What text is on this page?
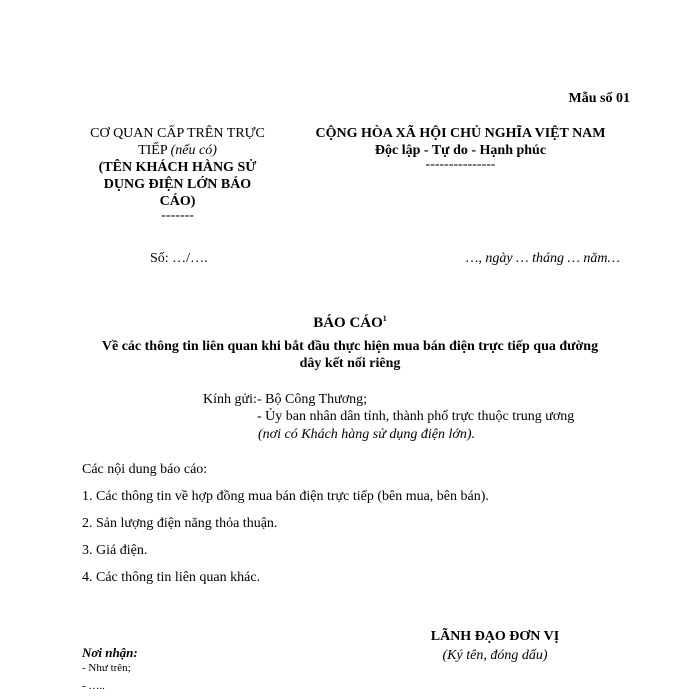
Mẫu số 01
CƠ QUAN CẤP TRÊN TRỰC
TIẾP (nếu có)
(TÊN KHÁCH HÀNG SỬ
DỤNG ĐIỆN LỚN BÁO
CÁO)
-------
Số: …/….
CỘNG HÒA XÃ HỘI CHỦ NGHĨA VIỆT NAM
Độc lập - Tự do - Hạnh phúc
---------------
…, ngày … tháng … năm…
BÁO CÁO$^1$
Về các thông tin liên quan khi bắt đầu thực hiện mua bán điện trực tiếp qua đường
dây kết nối riêng
Kính gửi: - Bộ Công Thương;
- Ủy ban nhân dân tỉnh, thành phố trực thuộc trung ương
(nơi có Khách hàng sử dụng điện lớn).
Các nội dung báo cáo:
1. Các thông tin về hợp đồng mua bán điện trực tiếp (bên mua, bên bán).
2. Sản lượng điện năng thỏa thuận.
3. Giá điện.
4. Các thông tin liên quan khác.
Nơi nhận:
- Như trên;
- …..
LÃNH ĐẠO ĐƠN VỊ
(Ký tên, đóng dấu)
